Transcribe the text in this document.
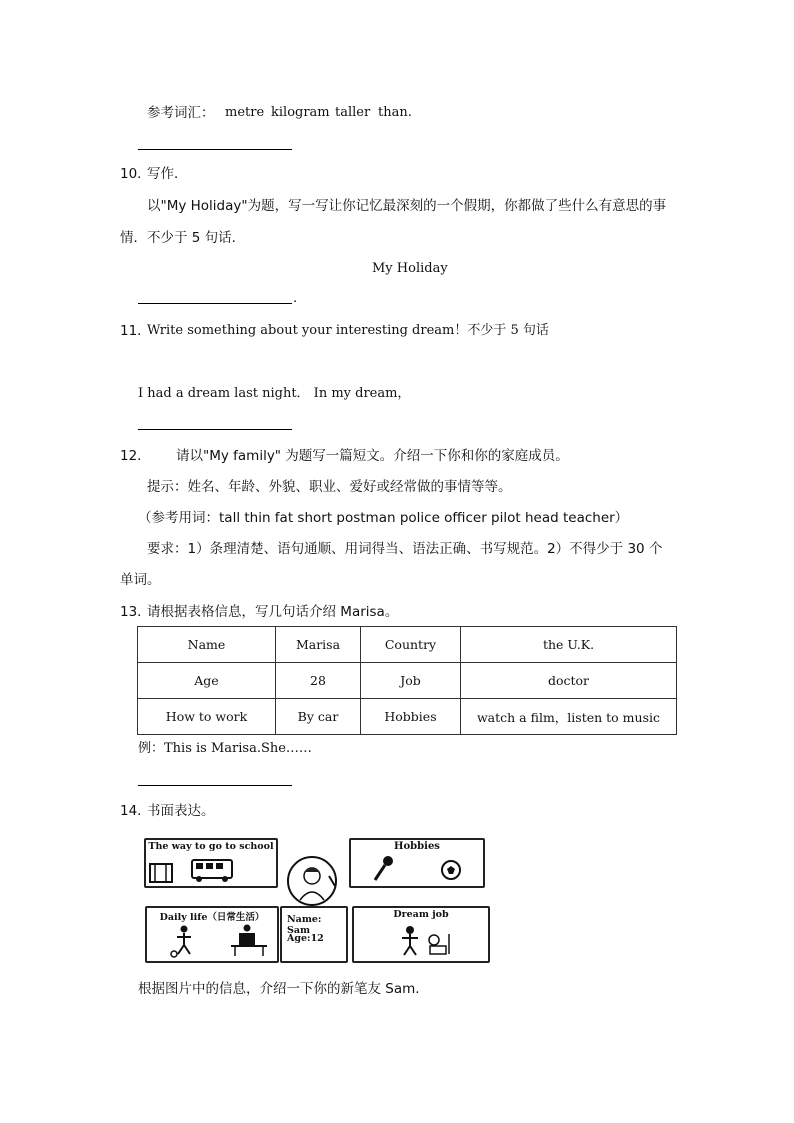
参考词汇： metre kilogram taller than.
10．
写作．
以"My Holiday"为题，写一写让你记忆最深刻的一个假期，你都做了些什么有意思的事
情．不少于 5 句话．
My Holiday
.
11．
Write something about your interesting dream！不少于 5 句话
I had a dream last night． In my dream，
12． 请以"My family" 为题写一篇短文。介绍一下你和你的家庭成员。
提示：姓名、年龄、外貌、职业、爱好或经常做的事情等等。
（参考用词：tall thin fat short postman police officer pilot head teacher）
要求：1）条理清楚、语句通顺、用词得当、语法正确、书写规范。2）不得少于 30 个
单词。
13．
请根据表格信息，写几句话介绍 Marisa。
Name	Marisa	Country	the U.K.
Age	28	Job	doctor
How to work	By car	Hobbies	watch a film，listen to music
例：This is Marisa.She……
14．
书面表达。
The way to go to school	Hobbies
Daily life（日常生活）	Name: Sam
Age:12
Dream job
根据图片中的信息，介绍一下你的新笔友 Sam.
